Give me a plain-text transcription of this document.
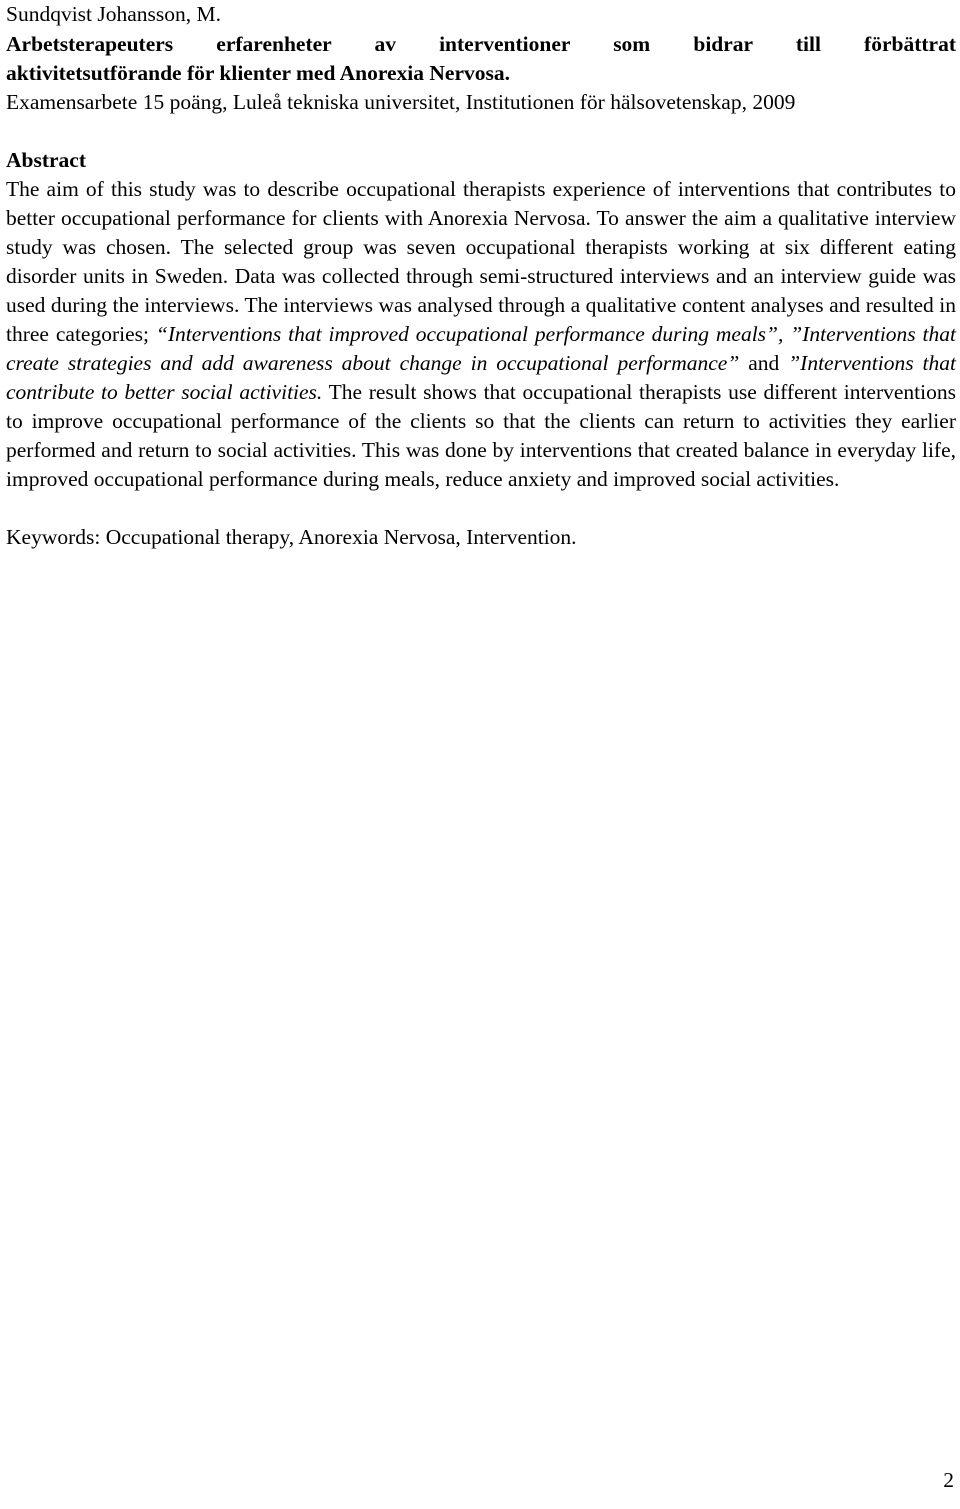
Sundqvist Johansson, M.

Arbetsterapeuters erfarenheter av interventioner som bidrar till förbättrat

aktivitetsutförande för klienter med Anorexia Nervosa.

Examensarbete 15 poäng, Luleå tekniska universitet, Institutionen för hälsovetenskap, 2009

Abstract

The aim of this study was to describe occupational therapists experience of interventions that contributes to better occupational performance for clients with Anorexia Nervosa. To answer the aim a qualitative interview study was chosen. The selected group was seven occupational therapists working at six different eating disorder units in Sweden. Data was collected through semi-structured interviews and an interview guide was used during the interviews. The interviews was analysed through a qualitative content analyses and resulted in three categories; “Interventions that improved occupational performance during meals”, ”Interventions that create strategies and add awareness about change in occupational performance” and ”Interventions that contribute to better social activities. The result shows that occupational therapists use different interventions to improve occupational performance of the clients so that the clients can return to activities they earlier performed and return to social activities. This was done by interventions that created balance in everyday life, improved occupational performance during meals, reduce anxiety and improved social activities.

Keywords: Occupational therapy, Anorexia Nervosa, Intervention.

2
